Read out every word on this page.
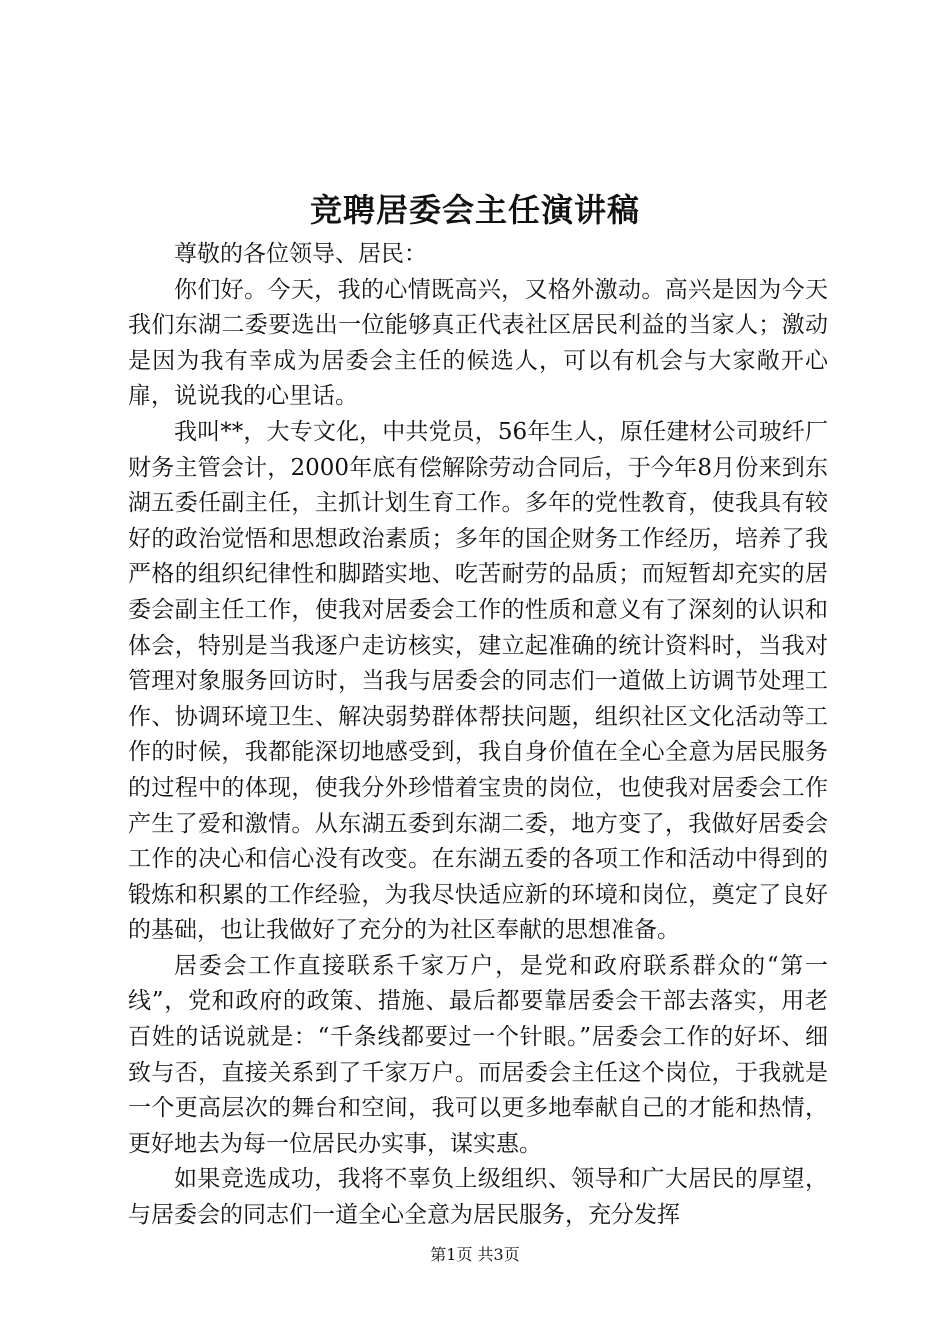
竞聘居委会主任演讲稿

尊敬的各位领导、居民：

你们好。今天，我的心情既高兴，又格外激动。高兴是因为今天我们东湖二委要选出一位能够真正代表社区居民利益的当家人；激动是因为我有幸成为居委会主任的候选人，可以有机会与大家敞开心扉，说说我的心里话。

我叫**，大专文化，中共党员，56年生人，原任建材公司玻纤厂财务主管会计，2000年底有偿解除劳动合同后，于今年8月份来到东湖五委任副主任，主抓计划生育工作。多年的党性教育，使我具有较好的政治觉悟和思想政治素质；多年的国企财务工作经历，培养了我严格的组织纪律性和脚踏实地、吃苦耐劳的品质；而短暂却充实的居委会副主任工作，使我对居委会工作的性质和意义有了深刻的认识和体会，特别是当我逐户走访核实，建立起准确的统计资料时，当我对管理对象服务回访时，当我与居委会的同志们一道做上访调节处理工作、协调环境卫生、解决弱势群体帮扶问题，组织社区文化活动等工作的时候，我都能深切地感受到，我自身价值在全心全意为居民服务的过程中的体现，使我分外珍惜着宝贵的岗位，也使我对居委会工作产生了爱和激情。从东湖五委到东湖二委，地方变了，我做好居委会工作的决心和信心没有改变。在东湖五委的各项工作和活动中得到的锻炼和积累的工作经验，为我尽快适应新的环境和岗位，奠定了良好的基础，也让我做好了充分的为社区奉献的思想准备。

居委会工作直接联系千家万户，是党和政府联系群众的“第一线”，党和政府的政策、措施、最后都要靠居委会干部去落实，用老百姓的话说就是：“千条线都要过一个针眼。”居委会工作的好坏、细致与否，直接关系到了千家万户。而居委会主任这个岗位，于我就是一个更高层次的舞台和空间，我可以更多地奉献自己的才能和热情，更好地去为每一位居民办实事，谋实惠。

如果竞选成功，我将不辜负上级组织、领导和广大居民的厚望，与居委会的同志们一道全心全意为居民服务，充分发挥

第1页 共3页
